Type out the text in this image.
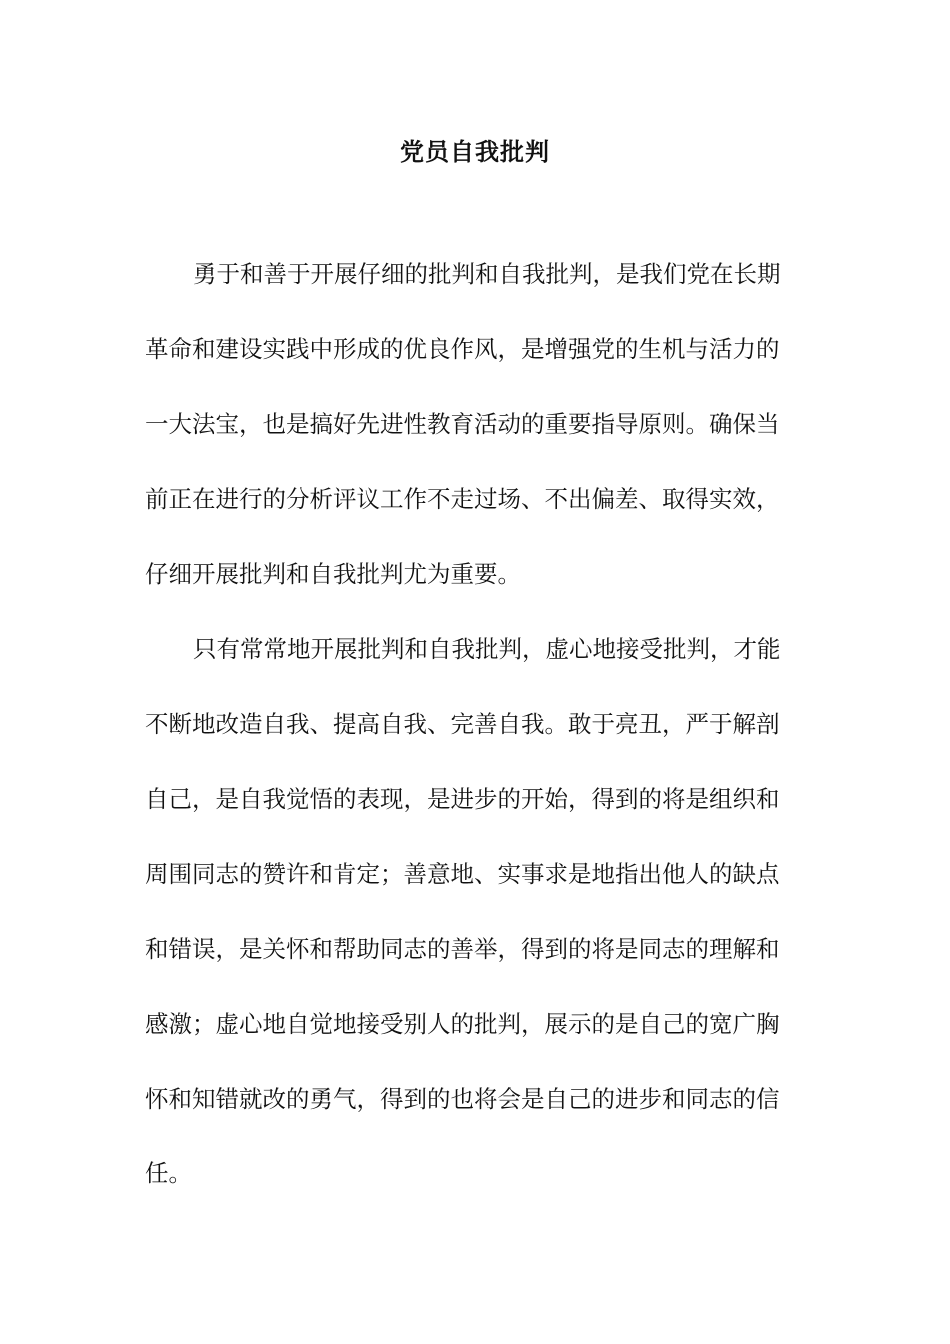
党员自我批判
勇于和善于开展仔细的批判和自我批判，是我们党在长期
革命和建设实践中形成的优良作风，是增强党的生机与活力的
一大法宝，也是搞好先进性教育活动的重要指导原则。确保当
前正在进行的分析评议工作不走过场、不出偏差、取得实效，
仔细开展批判和自我批判尤为重要。
只有常常地开展批判和自我批判，虚心地接受批判，才能
不断地改造自我、提高自我、完善自我。敢于亮丑，严于解剖
自己，是自我觉悟的表现，是进步的开始，得到的将是组织和
周围同志的赞许和肯定；善意地、实事求是地指出他人的缺点
和错误，是关怀和帮助同志的善举，得到的将是同志的理解和
感激；虚心地自觉地接受别人的批判，展示的是自己的宽广胸
怀和知错就改的勇气，得到的也将会是自己的进步和同志的信
任。
